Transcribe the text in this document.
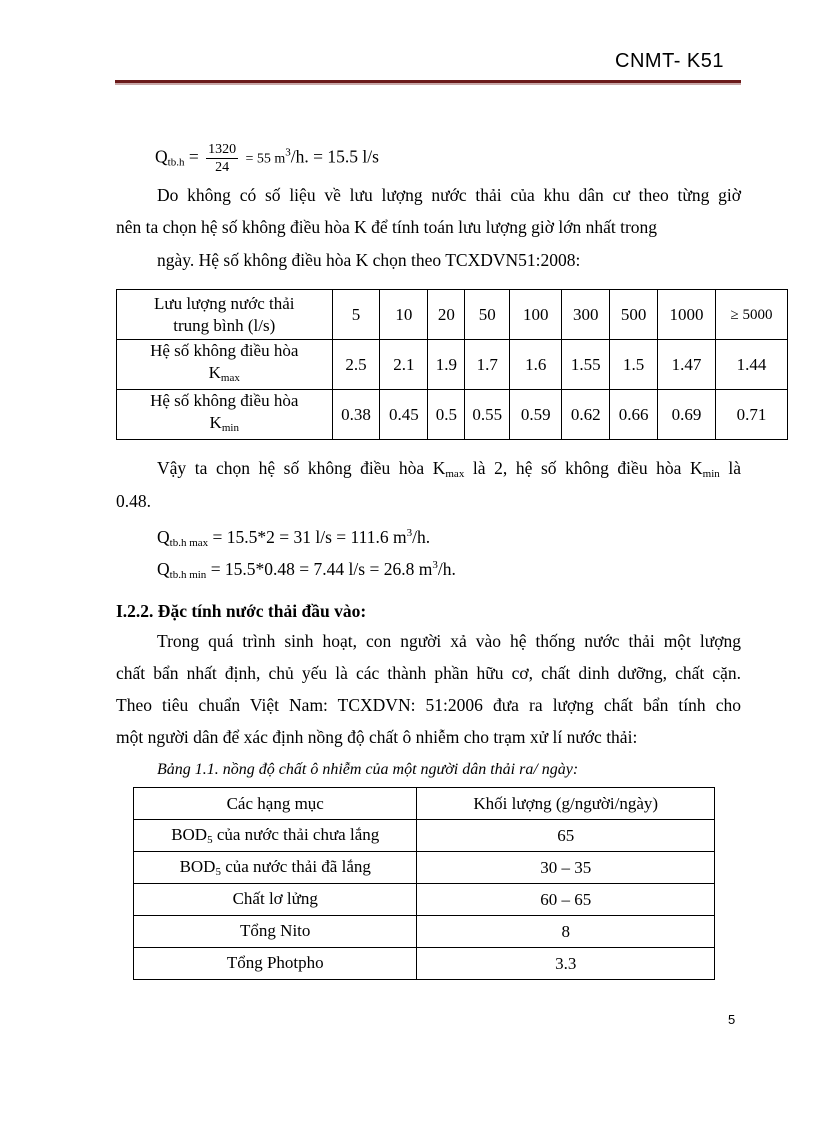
CNMT- K51
$Q_{tb.h} = \frac{1320}{24} = 55$ $m^3/h$. = 15.5 l/s
Do không có số liệu về lưu lượng nước thải của khu dân cư theo từng giờ
nên ta chọn hệ số không điều hòa K để tính toán lưu lượng giờ lớn nhất trong
ngày. Hệ số không điều hòa K chọn theo TCXDVN51:2008:
Lưu lượng nước thải
trung bình (l/s)	5	10	20	50	100	300	500	1000	≥ 5000
Hệ số không điều hòa
$K_{max}$	2.5	2.1	1.9	1.7	1.6	1.55	1.5	1.47	1.44
Hệ số không điều hòa
$K_{min}$	0.38	0.45	0.5	0.55	0.59	0.62	0.66	0.69	0.71
Vậy ta chọn hệ số không điều hòa $K_{max}$ là 2, hệ số không điều hòa $K_{min}$ là
0.48.
$Q_{tb.h max} = 15.5*2 = 31$ l/s = 111.6 $m^3/h$.
$Q_{tb.h min} = 15.5*0.48 = 7.44$ l/s = 26.8 $m^3/h$.
I.2.2. Đặc tính nước thải đầu vào:
Trong quá trình sinh hoạt, con người xả vào hệ thống nước thải một lượng
chất bẩn nhất định, chủ yếu là các thành phần hữu cơ, chất dinh dưỡng, chất cặn.
Theo tiêu chuẩn Việt Nam: TCXDVN: 51:2006 đưa ra lượng chất bẩn tính cho
một người dân để xác định nồng độ chất ô nhiễm cho trạm xử lí nước thải:
Bảng 1.1. nồng độ chất ô nhiễm của một người dân thải ra/ ngày:
Các hạng mục	Khối lượng (g/người/ngày)
$BOD_5$ của nước thải chưa lắng	65
$BOD_5$ của nước thải đã lắng	30 – 35
Chất lơ lửng	60 – 65
Tổng Nito	8
Tổng Photpho	3.3
5
